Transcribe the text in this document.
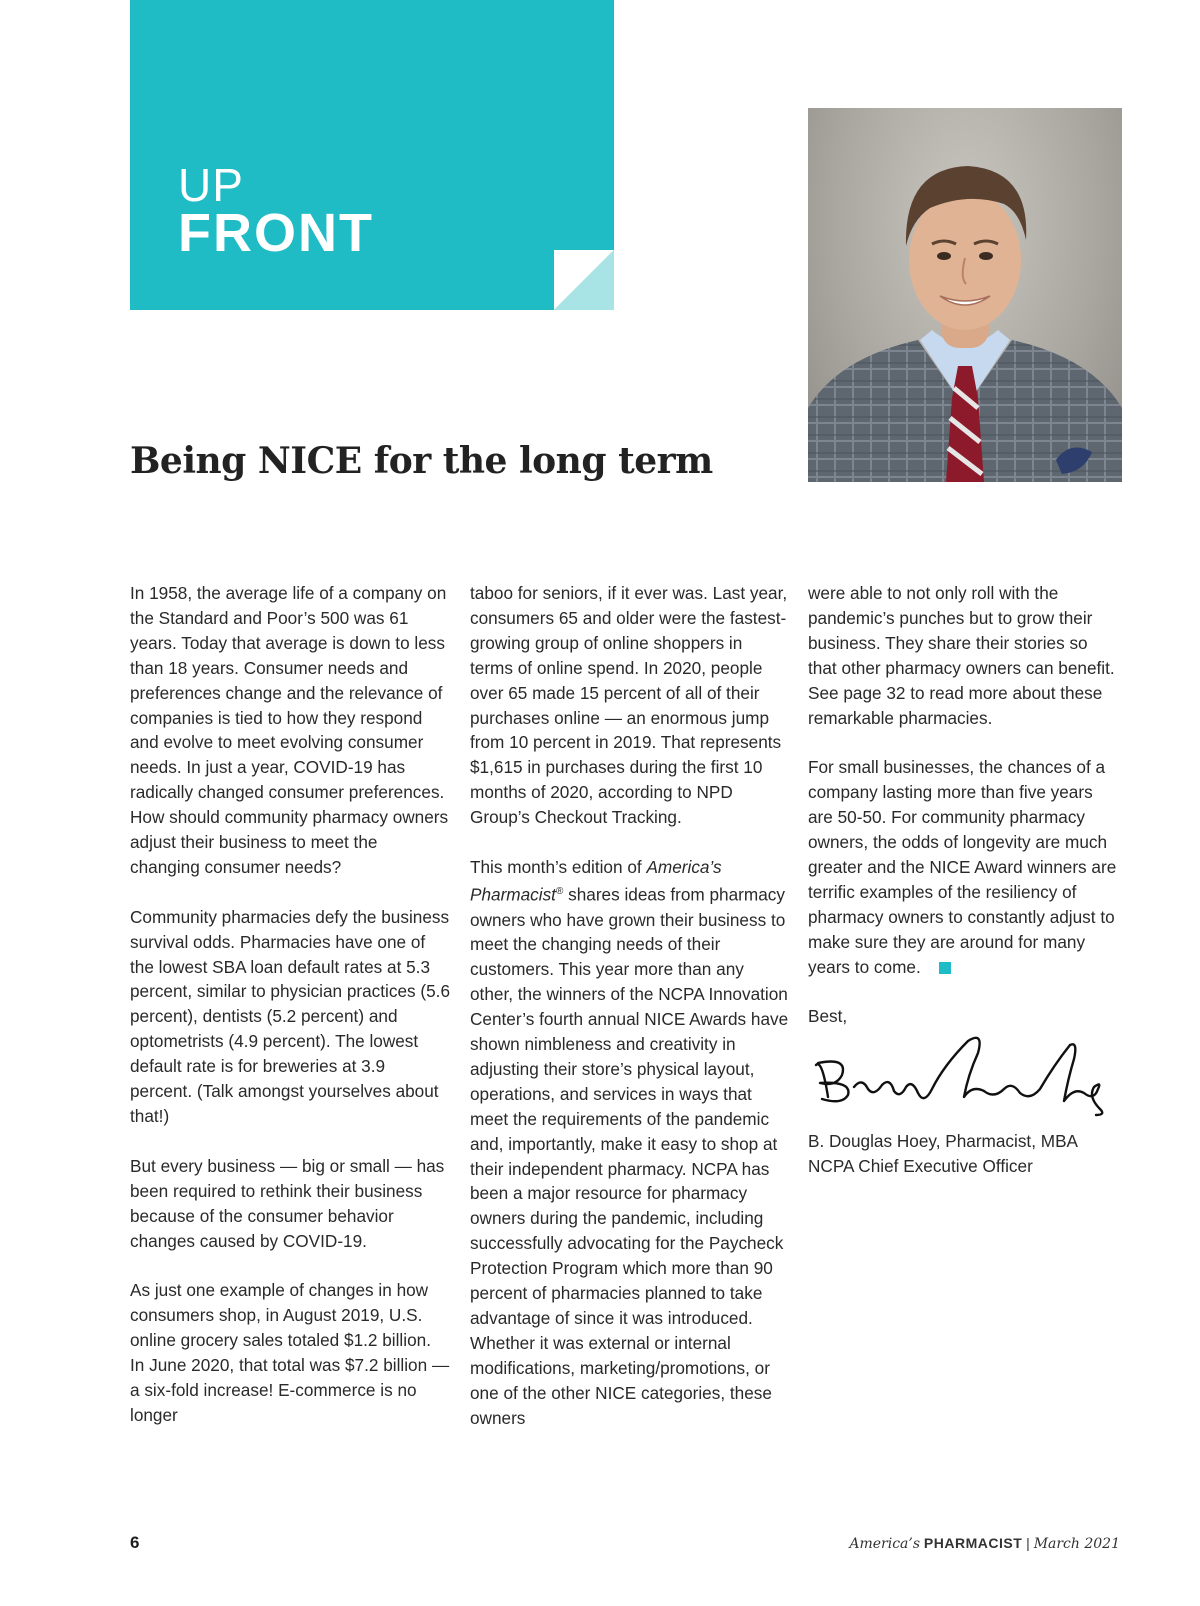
UP
FRONT
Being NICE for the long term

In 1958, the average life of a company on the Standard and Poor’s 500 was 61 years. Today that average is down to less than 18 years. Consumer needs and preferences change and the relevance of companies is tied to how they respond and evolve to meet evolving consumer needs. In just a year, COVID-19 has radically changed consumer preferences. How should community pharmacy owners adjust their business to meet the changing consumer needs?

Community pharmacies defy the business survival odds. Pharmacies have one of the lowest SBA loan default rates at 5.3 percent, similar to physician practices (5.6 percent), dentists (5.2 percent) and optometrists (4.9 percent). The lowest default rate is for breweries at 3.9 percent. (Talk amongst yourselves about that!)

But every business — big or small — has been required to rethink their business because of the consumer behavior changes caused by COVID-19.

As just one example of changes in how consumers shop, in August 2019, U.S. online grocery sales totaled $1.2 billion. In June 2020, that total was $7.2 billion — a six-fold increase! E-commerce is no longer

taboo for seniors, if it ever was. Last year, consumers 65 and older were the fastest-growing group of online shoppers in terms of online spend. In 2020, people over 65 made 15 percent of all of their purchases online — an enormous jump from 10 percent in 2019. That represents $1,615 in purchases during the first 10 months of 2020, according to NPD Group’s Checkout Tracking.

This month’s edition of America’s Pharmacist® shares ideas from pharmacy owners who have grown their business to meet the changing needs of their customers. This year more than any other, the winners of the NCPA Innovation Center’s fourth annual NICE Awards have shown nimbleness and creativity in adjusting their store’s physical layout, operations, and services in ways that meet the requirements of the pandemic and, importantly, make it easy to shop at their independent pharmacy. NCPA has been a major resource for pharmacy owners during the pandemic, including successfully advocating for the Paycheck Protection Program which more than 90 percent of pharmacies planned to take advantage of since it was introduced. Whether it was external or internal modifications, marketing/promotions, or one of the other NICE categories, these owners

were able to not only roll with the pandemic’s punches but to grow their business. They share their stories so that other pharmacy owners can benefit. See page 32 to read more about these remarkable pharmacies.

For small businesses, the chances of a company lasting more than five years are 50-50. For community pharmacy owners, the odds of longevity are much greater and the NICE Award winners are terrific examples of the resiliency of pharmacy owners to constantly adjust to make sure they are around for many years to come.

Best,

B. Douglas Hoey, Pharmacist, MBA
NCPA Chief Executive Officer
6	America’s PHARMACIST | March 2021
